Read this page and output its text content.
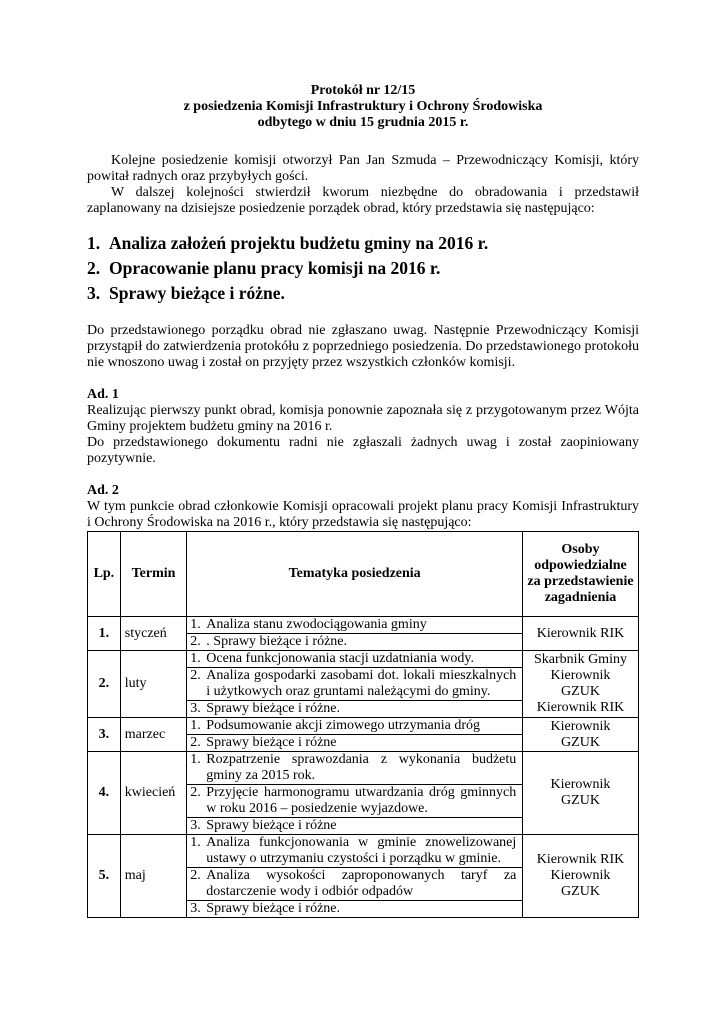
Protokół nr 12/15
z posiedzenia Komisji Infrastruktury i Ochrony Środowiska
odbytego w dniu 15 grudnia 2015 r.

Kolejne posiedzenie komisji otworzył Pan Jan Szmuda – Przewodniczący Komisji, który powitał radnych oraz przybyłych gości.

W dalszej kolejności stwierdził kworum niezbędne do obradowania i przedstawił zaplanowany na dzisiejsze posiedzenie porządek obrad, który przedstawia się następująco:

1. Analiza założeń projektu budżetu gminy na 2016 r.
2. Opracowanie planu pracy komisji na 2016 r.
3. Sprawy bieżące i różne.

Do przedstawionego porządku obrad nie zgłaszano uwag. Następnie Przewodniczący Komisji przystąpił do zatwierdzenia protokółu z poprzedniego posiedzenia. Do przedstawionego protokołu nie wnoszono uwag i został on przyjęty przez wszystkich członków komisji.

Ad. 1

Realizując pierwszy punkt obrad, komisja ponownie zapoznała się z przygotowanym przez Wójta Gminy projektem budżetu gminy na 2016 r.

Do przedstawionego dokumentu radni nie zgłaszali żadnych uwag i został zaopiniowany pozytywnie.

Ad. 2

W tym punkcie obrad członkowie Komisji opracowali projekt planu pracy Komisji Infrastruktury i Ochrony Środowiska na 2016 r., który przedstawia się następująco:

Lp.	Termin	Tematyka posiedzenia	Osoby odpowiedzialne za przedstawienie zagadnienia
1.	styczeń	1. Analiza stanu zwodociągowania gminy	Kierownik RIK

		2. . Sprawy bieżące i różne.	
2.	luty	1. Ocena funkcjonowania stacji uzdatniania wody.	Skarbnik Gminy
Kierownik
GZUK
Kierownik RIK

		2. Analiza gospodarki zasobami dot. lokali mieszkalnych i użytkowych oraz gruntami należącymi do gminy.	
		3. Sprawy bieżące i różne.	
3.	marzec	1. Podsumowanie akcji zimowego utrzymania dróg	Kierownik
GZUK

		2. Sprawy bieżące i różne	
4.	kwiecień	1. Rozpatrzenie sprawozdania z wykonania budżetu gminy za 2015 rok.	Kierownik
GZUK

		2. Przyjęcie harmonogramu utwardzania dróg gminnych w roku 2016 – posiedzenie wyjazdowe.	
		3. Sprawy bieżące i różne	
5.	maj	1. Analiza funkcjonowania w gminie znowelizowanej ustawy o utrzymaniu czystości i porządku w gminie.	Kierownik RIK
Kierownik
GZUK

		2. Analiza wysokości zaproponowanych taryf za dostarczenie wody i odbiór odpadów	
		3. Sprawy bieżące i różne.	
